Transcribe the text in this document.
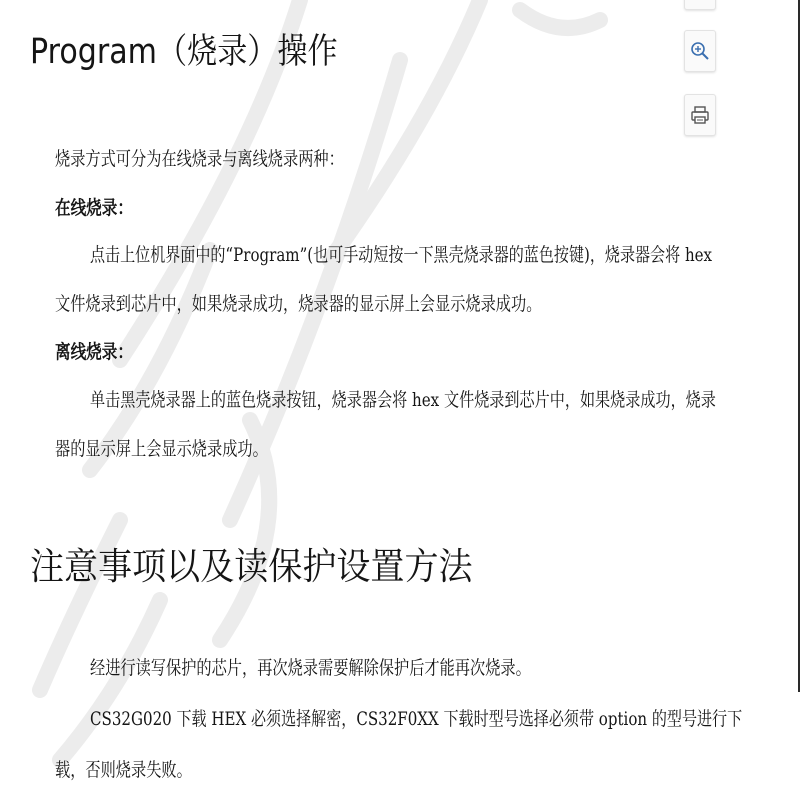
Program（烧录）操作
烧录方式可分为在线烧录与离线烧录两种：
在线烧录：
点击上位机界面中的“Program”(也可手动短按一下黑壳烧录器的蓝色按键)，烧录器会将 hex
文件烧录到芯片中，如果烧录成功，烧录器的显示屏上会显示烧录成功。
离线烧录：
单击黑壳烧录器上的蓝色烧录按钮，烧录器会将 hex 文件烧录到芯片中，如果烧录成功，烧录
器的显示屏上会显示烧录成功。
注意事项以及读保护设置方法
经进行读写保护的芯片，再次烧录需要解除保护后才能再次烧录。
CS32G020 下载 HEX 必须选择解密，CS32F0XX 下载时型号选择必须带 option 的型号进行下
载，否则烧录失败。
